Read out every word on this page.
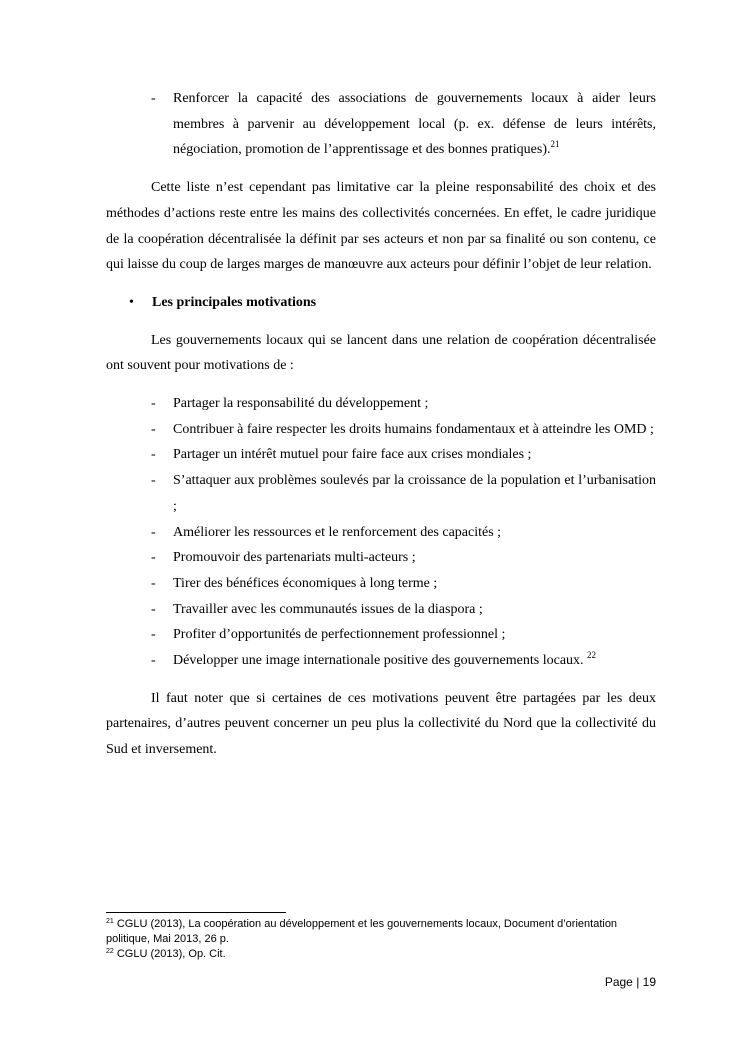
- Renforcer la capacité des associations de gouvernements locaux à aider leurs membres à parvenir au développement local (p. ex. défense de leurs intérêts, négociation, promotion de l’apprentissage et des bonnes pratiques).$^{21}$

Cette liste n’est cependant pas limitative car la pleine responsabilité des choix et des méthodes d’actions reste entre les mains des collectivités concernées. En effet, le cadre juridique de la coopération décentralisée la définit par ses acteurs et non par sa finalité ou son contenu, ce qui laisse du coup de larges marges de manœuvre aux acteurs pour définir l’objet de leur relation.

• Les principales motivations

Les gouvernements locaux qui se lancent dans une relation de coopération décentralisée ont souvent pour motivations de :

- Partager la responsabilité du développement ;
- Contribuer à faire respecter les droits humains fondamentaux et à atteindre les OMD ;
- Partager un intérêt mutuel pour faire face aux crises mondiales ;
- S’attaquer aux problèmes soulevés par la croissance de la population et l’urbanisation ;
- Améliorer les ressources et le renforcement des capacités ;
- Promouvoir des partenariats multi-acteurs ;
- Tirer des bénéfices économiques à long terme ;
- Travailler avec les communautés issues de la diaspora ;
- Profiter d’opportunités de perfectionnement professionnel ;
- Développer une image internationale positive des gouvernements locaux. $^{22}$

Il faut noter que si certaines de ces motivations peuvent être partagées par les deux partenaires, d’autres peuvent concerner un peu plus la collectivité du Nord que la collectivité du Sud et inversement.

$^{21}$ CGLU (2013), La coopération au développement et les gouvernements locaux, Document d’orientation politique, Mai 2013, 26 p.
$^{22}$ CGLU (2013), Op. Cit.
Page | 19
